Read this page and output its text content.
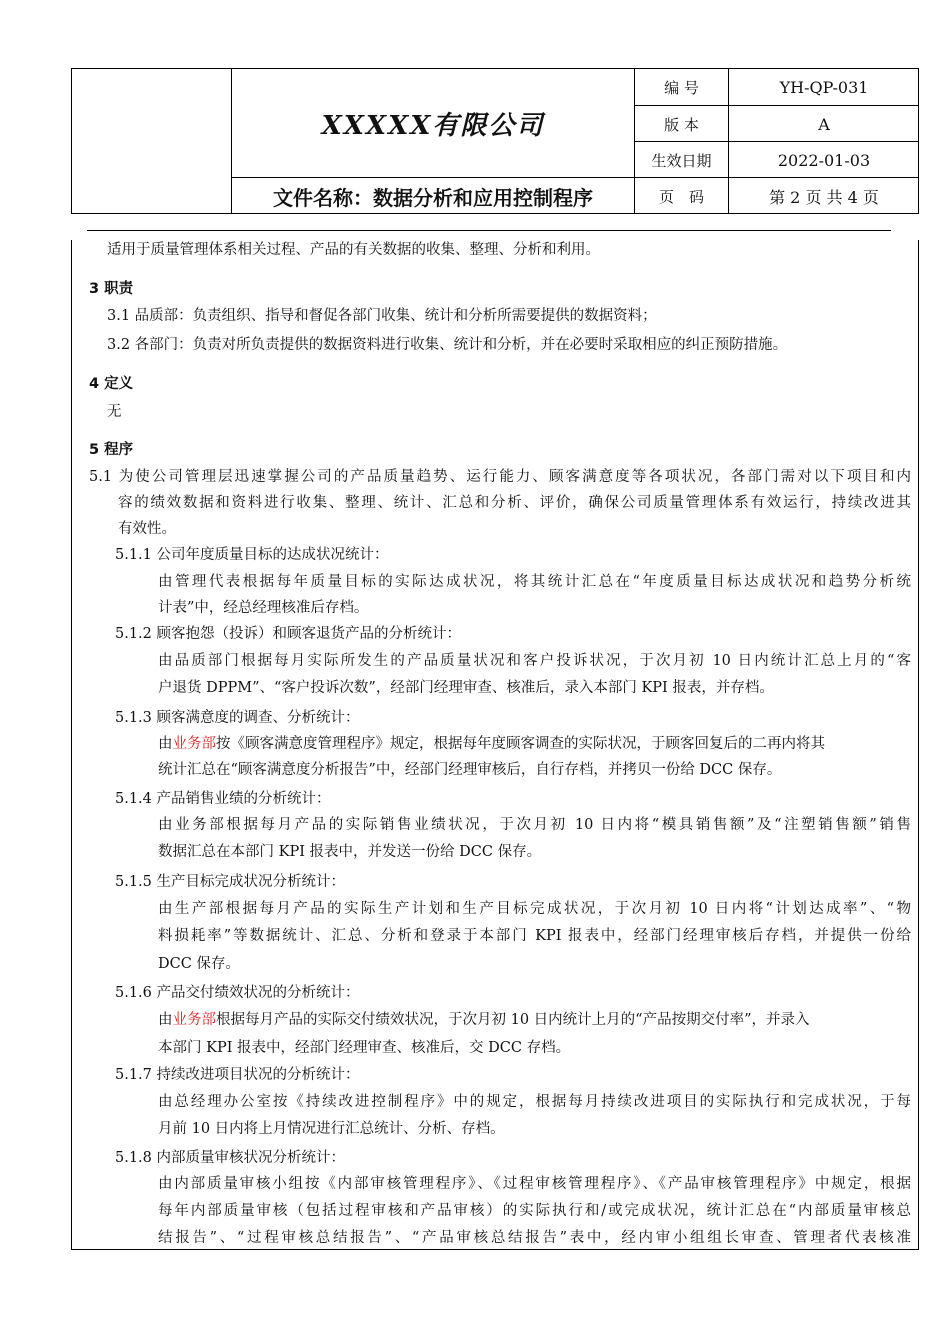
XXXXX有限公司
文件名称：数据分析和应用控制程序
编 号	YH-QP-031
版 本	A
生效日期	2022-01-03
页　码	第 2 页 共 4 页
适用于质量管理体系相关过程、产品的有关数据的收集、整理、分析和利用。
3 职责
3.1 品质部：负责组织、指导和督促各部门收集、统计和分析所需要提供的数据资料；
3.2 各部门：负责对所负责提供的数据资料进行收集、统计和分析，并在必要时采取相应的纠正预防措施。
4 定义
无
5 程序
5.1 为使公司管理层迅速掌握公司的产品质量趋势、运行能力、顾客满意度等各项状况，各部门需对以下项目和内
容的绩效数据和资料进行收集、整理、统计、汇总和分析、评价，确保公司质量管理体系有效运行，持续改进其
有效性。
5.1.1 公司年度质量目标的达成状况统计：
由管理代表根据每年质量目标的实际达成状况，将其统计汇总在“年度质量目标达成状况和趋势分析统
计表”中，经总经理核准后存档。
5.1.2 顾客抱怨（投诉）和顾客退货产品的分析统计：
由品质部门根据每月实际所发生的产品质量状况和客户投诉状况，于次月初 10 日内统计汇总上月的“客
户退货 DPPM”、“客户投诉次数”，经部门经理审查、核准后，录入本部门 KPI 报表，并存档。
5.1.3 顾客满意度的调查、分析统计：
由 业务部 按《顾客满意度管理程序》规定，根据每年度顾客调查的实际状况，于顾客回复后的二再内将其
统计汇总在“顾客满意度分析报告”中，经部门经理审核后，自行存档，并拷贝一份给 DCC 保存。
5.1.4 产品销售业绩的分析统计：
由业务部根据每月产品的实际销售业绩状况，于次月初 10 日内将“模具销售额”及“注塑销售额”销售
数据汇总在本部门 KPI 报表中，并发送一份给 DCC 保存。
5.1.5 生产目标完成状况分析统计：
由生产部根据每月产品的实际生产计划和生产目标完成状况，于次月初 10 日内将“计划达成率”、“物
料损耗率”等数据统计、汇总、分析和登录于本部门 KPI 报表中，经部门经理审核后存档，并提供一份给
DCC 保存。
5.1.6 产品交付绩效状况的分析统计：
由 业务部 根据每月产品的实际交付绩效状况，于次月初 10 日内统计上月的“产品按期交付率”，并录入
本部门 KPI 报表中，经部门经理审查、核准后，交 DCC 存档。
5.1.7 持续改进项目状况的分析统计：
由总经理办公室按《持续改进控制程序》中的规定，根据每月持续改进项目的实际执行和完成状况，于每
月前 10 日内将上月情况进行汇总统计、分析、存档。
5.1.8 内部质量审核状况分析统计：
由内部质量审核小组按《内部审核管理程序》、《过程审核管理程序》、《产品审核管理程序》中规定，根据
每年内部质量审核（包括过程审核和产品审核）的实际执行和/或完成状况，统计汇总在“内部质量审核总
结报告”、“过程审核总结报告”、“产品审核总结报告”表中，经内审小组组长审查、管理者代表核准
